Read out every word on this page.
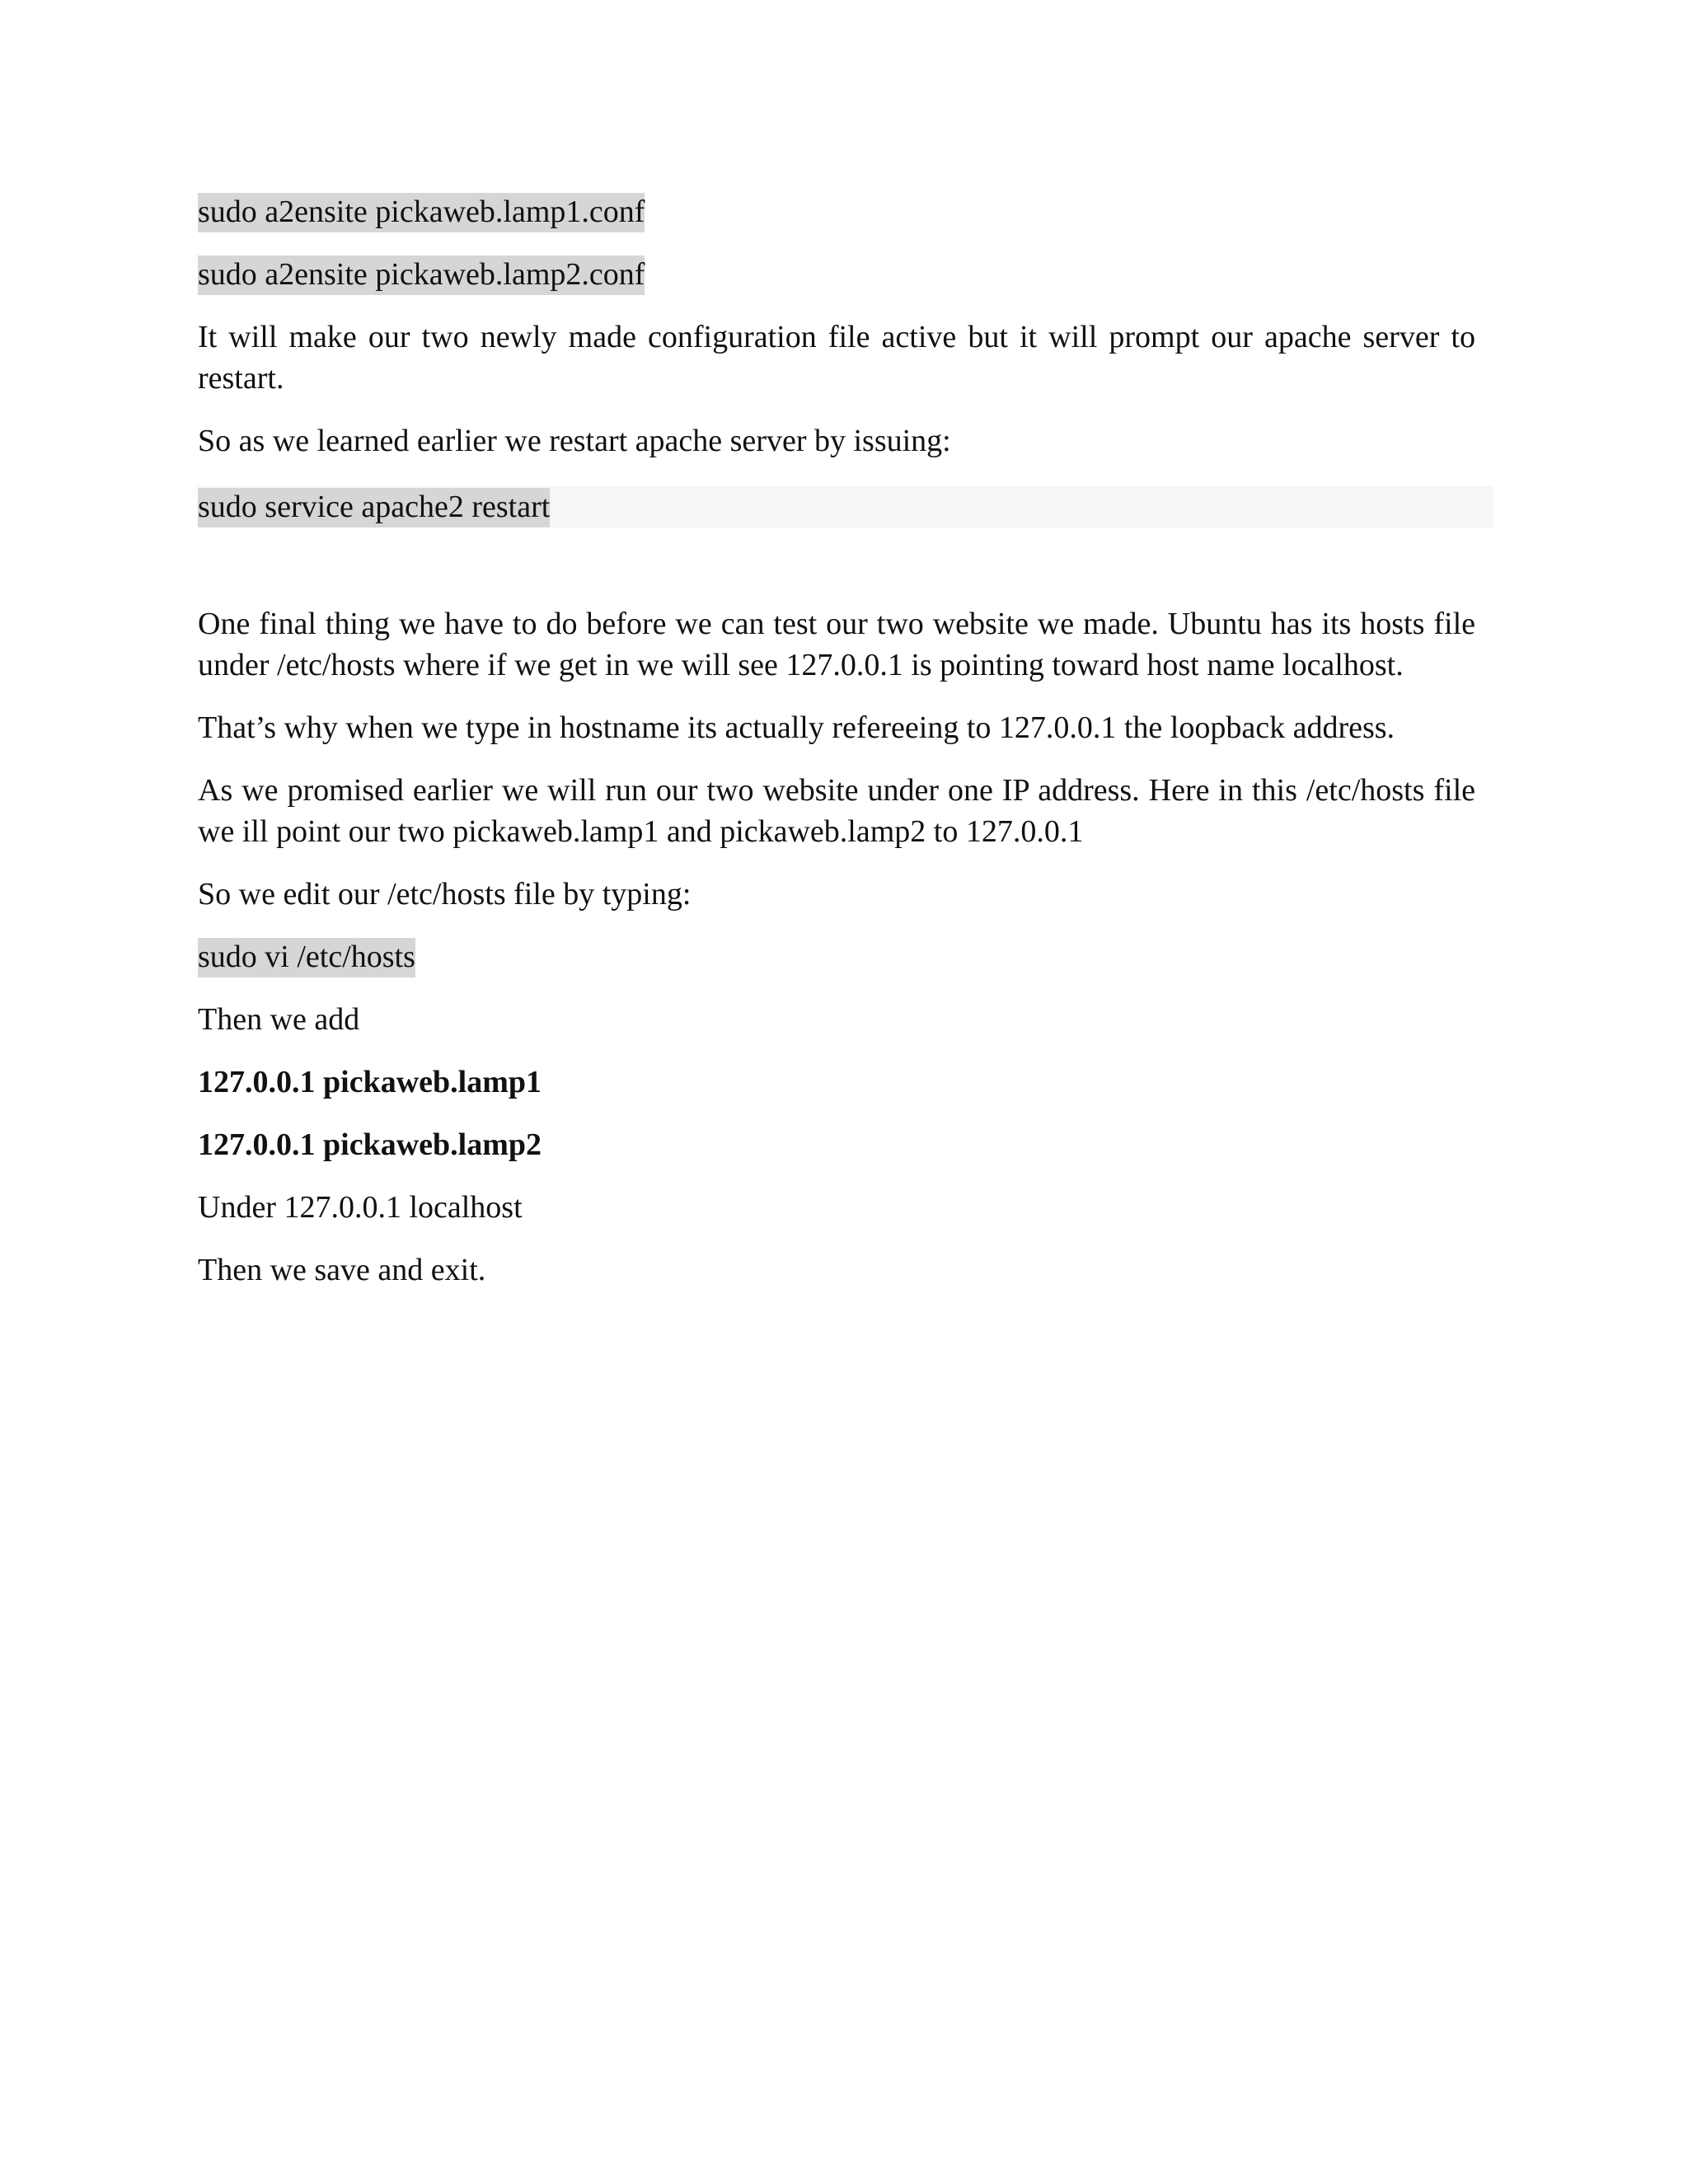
sudo a2ensite pickaweb.lamp1.conf

sudo a2ensite pickaweb.lamp2.conf

It will make our two newly made configuration file active but it will prompt our apache server to restart.

So as we learned earlier we restart apache server by issuing:

sudo service apache2 restart

One final thing we have to do before we can test our two website we made. Ubuntu has its hosts file under /etc/hosts where if we get in we will see 127.0.0.1 is pointing toward host name localhost.

That’s why when we type in hostname its actually refereeing to 127.0.0.1 the loopback address.

As we promised earlier we will run our two website under one IP address. Here in this /etc/hosts file we ill point our two pickaweb.lamp1 and pickaweb.lamp2 to 127.0.0.1

So we edit our /etc/hosts file by typing:

sudo vi /etc/hosts

Then we add

127.0.0.1 pickaweb.lamp1

127.0.0.1 pickaweb.lamp2

Under 127.0.0.1 localhost

Then we save and exit.
